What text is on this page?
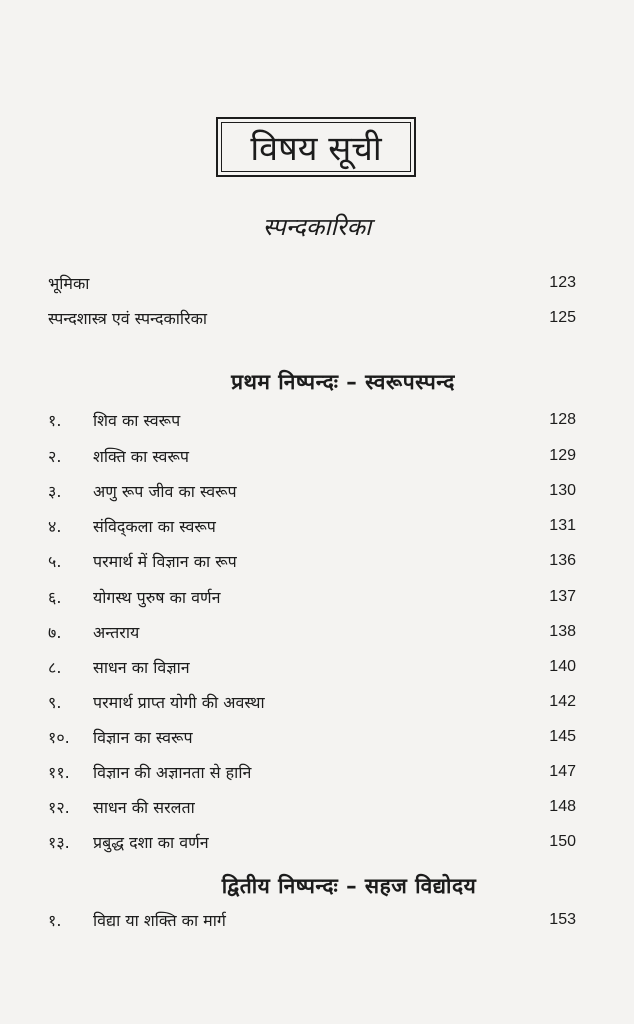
विषय सूची
स्पन्दकारिका
भूमिका	123
स्पन्दशास्त्र एवं स्पन्दकारिका	125
प्रथम निष्पन्दः – स्वरूपस्पन्द
१.	शिव का स्वरूप	128
२.	शक्ति का स्वरूप	129
३.	अणु रूप जीव का स्वरूप	130
४.	संविद्कला का स्वरूप	131
५.	परमार्थ में विज्ञान का रूप	136
६.	योगस्थ पुरुष का वर्णन	137
७.	अन्तराय	138
८.	साधन का विज्ञान	140
९.	परमार्थ प्राप्त योगी की अवस्था	142
१०.	विज्ञान का स्वरूप	145
११.	विज्ञान की अज्ञानता से हानि	147
१२.	साधन की सरलता	148
१३.	प्रबुद्ध दशा का वर्णन	150
द्वितीय निष्पन्दः – सहज विद्योदय
१.	विद्या या शक्ति का मार्ग	153
